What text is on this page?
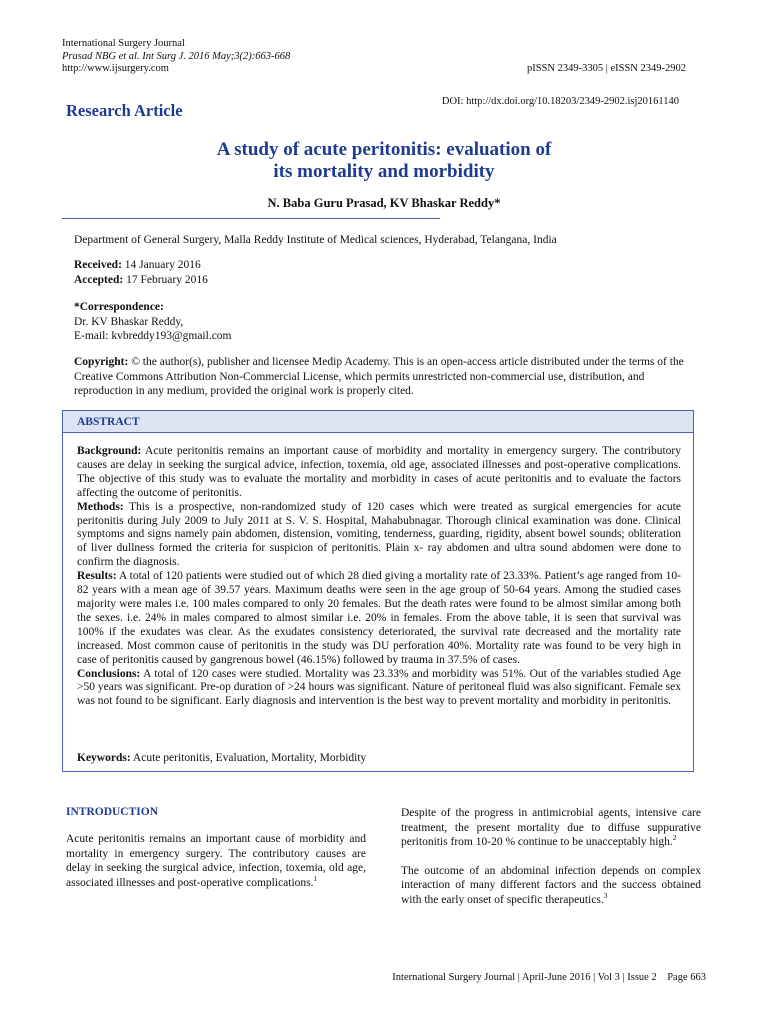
International Surgery Journal
Prasad NBG et al. Int Surg J. 2016 May;3(2):663-668
http://www.ijsurgery.com	pISSN 2349-3305 | eISSN 2349-2902
Research Article	DOI: http://dx.doi.org/10.18203/2349-2902.isj20161140
A study of acute peritonitis: evaluation of
its mortality and morbidity
N. Baba Guru Prasad, KV Bhaskar Reddy*
Department of General Surgery, Malla Reddy Institute of Medical sciences, Hyderabad, Telangana, India
Received: 14 January 2016
Accepted: 17 February 2016
*Correspondence:
Dr. KV Bhaskar Reddy,
E-mail: kvbreddy193@gmail.com
Copyright: © the author(s), publisher and licensee Medip Academy. This is an open-access article distributed under the terms of the Creative Commons Attribution Non-Commercial License, which permits unrestricted non-commercial use, distribution, and reproduction in any medium, provided the original work is properly cited.
ABSTRACT

Background: Acute peritonitis remains an important cause of morbidity and mortality in emergency surgery. The contributory causes are delay in seeking the surgical advice, infection, toxemia, old age, associated illnesses and post-operative complications. The objective of this study was to evaluate the mortality and morbidity in cases of acute peritonitis and to evaluate the factors affecting the outcome of peritonitis.

Methods: This is a prospective, non-randomized study of 120 cases which were treated as surgical emergencies for acute peritonitis during July 2009 to July 2011 at S. V. S. Hospital, Mahabubnagar. Thorough clinical examination was done. Clinical symptoms and signs namely pain abdomen, distension, vomiting, tenderness, guarding, rigidity, absent bowel sounds; obliteration of liver dullness formed the criteria for suspicion of peritonitis. Plain x- ray abdomen and ultra sound abdomen were done to confirm the diagnosis.

Results: A total of 120 patients were studied out of which 28 died giving a mortality rate of 23.33%. Patient’s age ranged from 10-82 years with a mean age of 39.57 years. Maximum deaths were seen in the age group of 50-64 years. Among the studied cases majority were males i.e. 100 males compared to only 20 females. But the death rates were found to be almost similar among both the sexes. i.e. 24% in males compared to almost similar i.e. 20% in females. From the above table, it is seen that survival was 100% if the exudates was clear. As the exudates consistency deteriorated, the survival rate decreased and the mortality rate increased. Most common cause of peritonitis in the study was DU perforation 40%. Mortality rate was found to be very high in case of peritonitis caused by gangrenous bowel (46.15%) followed by trauma in 37.5% of cases.

Conclusions: A total of 120 cases were studied. Mortality was 23.33% and morbidity was 51%. Out of the variables studied Age >50 years was significant. Pre-op duration of >24 hours was significant. Nature of peritoneal fluid was also significant. Female sex was not found to be significant. Early diagnosis and intervention is the best way to prevent mortality and morbidity in peritonitis.

Keywords: Acute peritonitis, Evaluation, Mortality, Morbidity
INTRODUCTION

Acute peritonitis remains an important cause of morbidity and mortality in emergency surgery. The contributory causes are delay in seeking the surgical advice, infection, toxemia, old age, associated illnesses and post-operative complications.$^1$

Despite of the progress in antimicrobial agents, intensive care treatment, the present mortality due to diffuse suppurative peritonitis from 10-20 % continue to be unacceptably high.$^2$

The outcome of an abdominal infection depends on complex interaction of many different factors and the success obtained with the early onset of specific therapeutics.$^3$

International Surgery Journal | April-June 2016 | Vol 3 | Issue 2 Page 663
